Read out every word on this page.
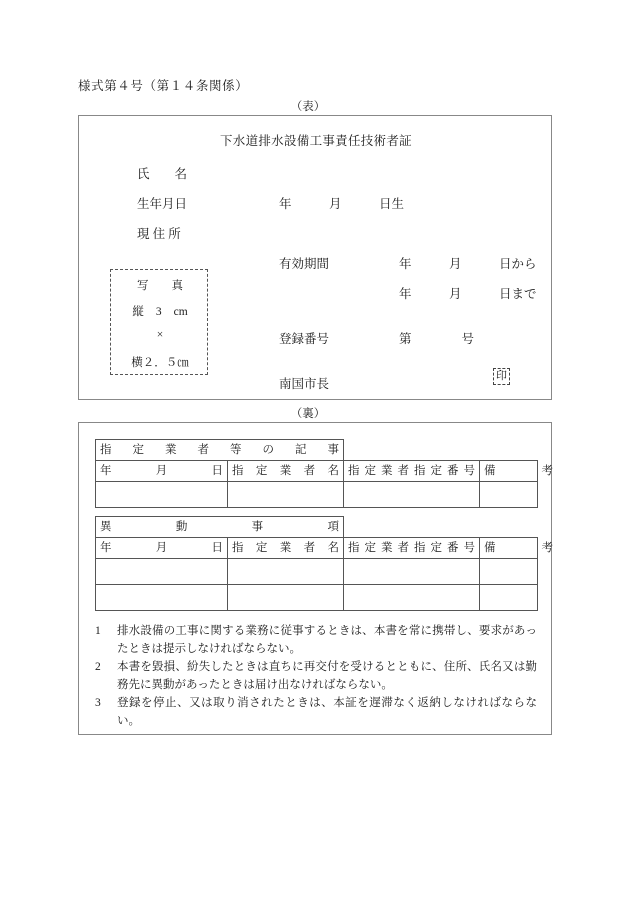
様式第４号（第１４条関係）
（表）
下水道排水設備工事責任技術者証
氏　　名
生年月日	年　　　月　　　日生
現 住 所
有効期間	年　　　月　　　日から
年　　　月　　　日まで
登録番号	第　　　　号
南国市長
印
写　　真
縦 3 cm
×
横２．５㎝
（裏）
指定業者等の記事			

年　　　月　　　日	指 定 業 者 名	指定業者指定番号	備　　　　考

異　動　事　項			

年　　　月　　　日	指 定 業 者 名	指定業者指定番号	備　　　　考

1 排水設備の工事に関する業務に従事するときは、本書を常に携帯し、要求があったときは提示しなければならない。
2 本書を毀損、紛失したときは直ちに再交付を受けるとともに、住所、氏名又は勤務先に異動があったときは届け出なければならない。
3 登録を停止、又は取り消されたときは、本証を遅滞なく返納しなければならない。
